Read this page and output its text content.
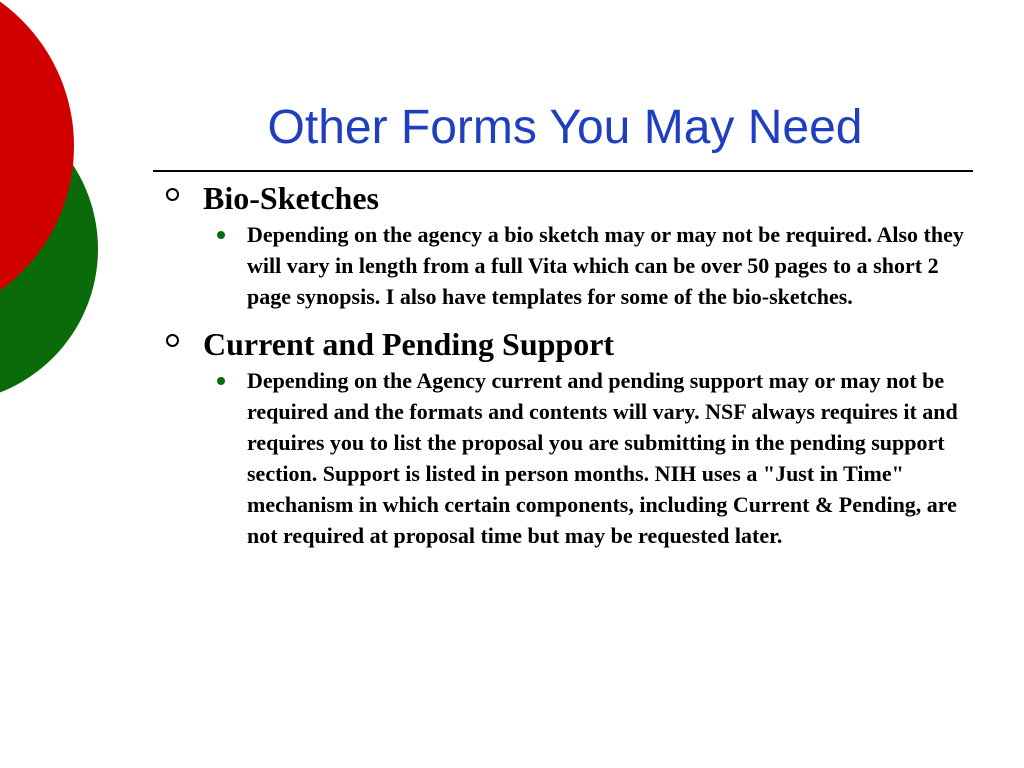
Other Forms You May Need
Bio-Sketches
Depending on the agency a bio sketch may or may not be required. Also they will vary in length from a full Vita which can be over 50 pages to a short 2 page synopsis. I also have templates for some of the bio-sketches.
Current and Pending Support
Depending on the Agency current and pending support may or may not be required and the formats and contents will vary. NSF always requires it and requires you to list the proposal you are submitting in the pending support section. Support is listed in person months. NIH uses a "Just in Time" mechanism in which certain components, including Current & Pending, are not required at proposal time but may be requested later.
